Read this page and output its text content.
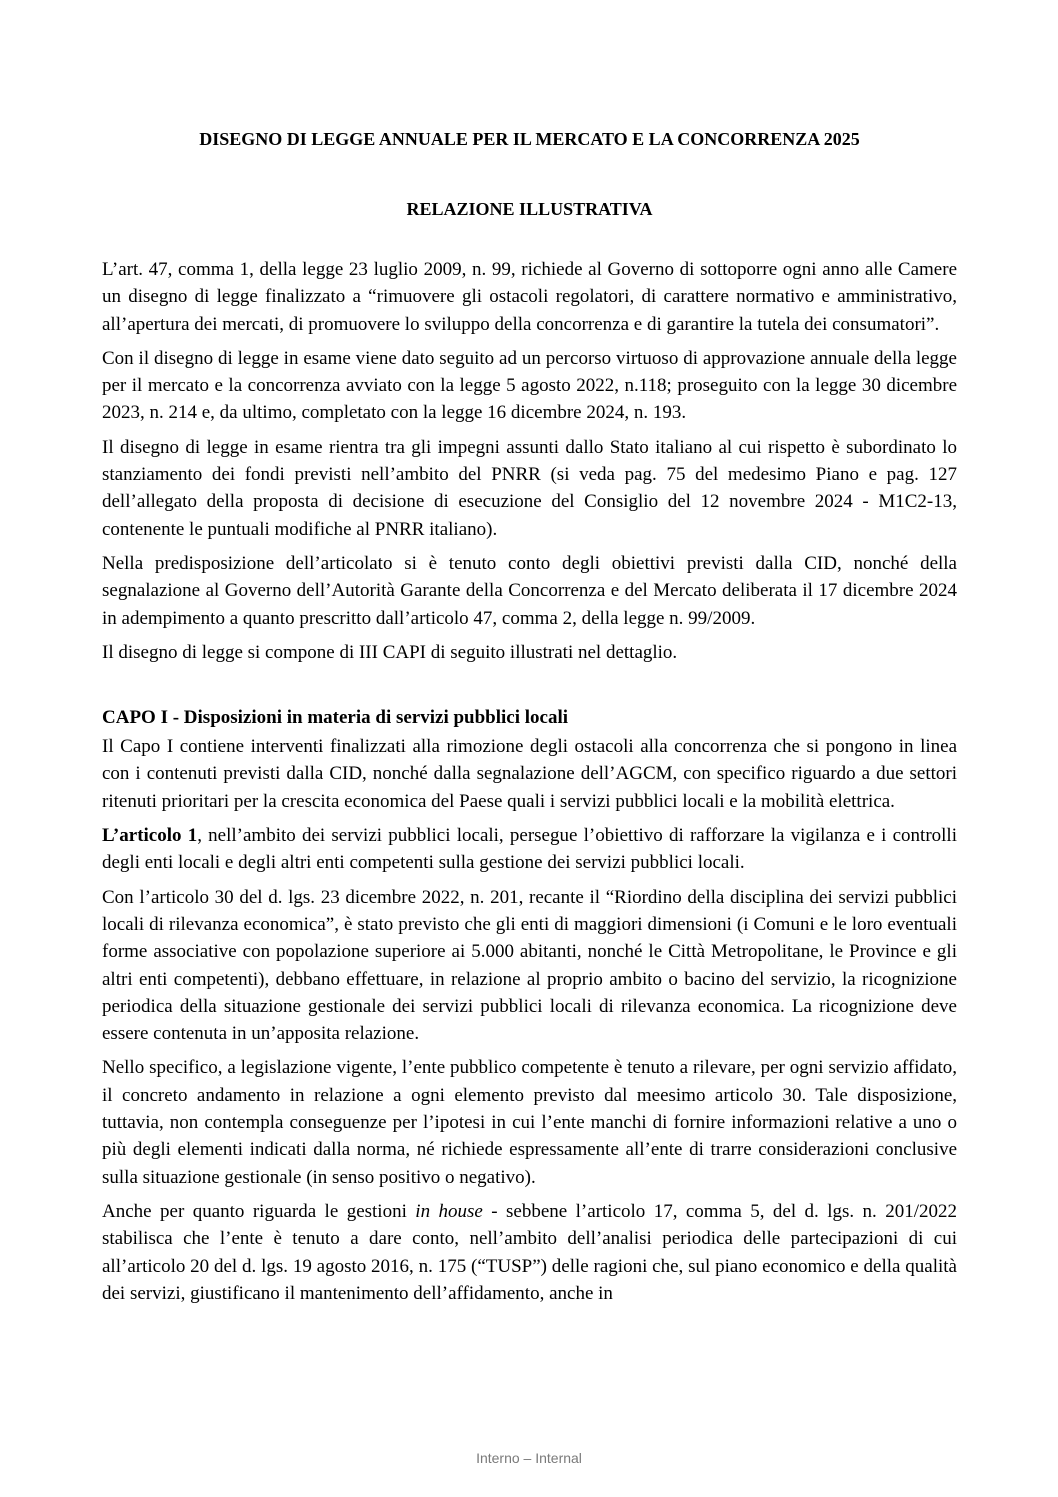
DISEGNO DI LEGGE ANNUALE PER IL MERCATO E LA CONCORRENZA 2025
RELAZIONE ILLUSTRATIVA

L’art. 47, comma 1, della legge 23 luglio 2009, n. 99, richiede al Governo di sottoporre ogni anno alle Camere un disegno di legge finalizzato a “rimuovere gli ostacoli regolatori, di carattere normativo e amministrativo, all’apertura dei mercati, di promuovere lo sviluppo della concorrenza e di garantire la tutela dei consumatori”.

Con il disegno di legge in esame viene dato seguito ad un percorso virtuoso di approvazione annuale della legge per il mercato e la concorrenza avviato con la legge 5 agosto 2022, n.118; proseguito con la legge 30 dicembre 2023, n. 214 e, da ultimo, completato con la legge 16 dicembre 2024, n. 193.

Il disegno di legge in esame rientra tra gli impegni assunti dallo Stato italiano al cui rispetto è subordinato lo stanziamento dei fondi previsti nell’ambito del PNRR (si veda pag. 75 del medesimo Piano e pag. 127 dell’allegato della proposta di decisione di esecuzione del Consiglio del 12 novembre 2024 - M1C2-13, contenente le puntuali modifiche al PNRR italiano).

Nella predisposizione dell’articolato si è tenuto conto degli obiettivi previsti dalla CID, nonché della segnalazione al Governo dell’Autorità Garante della Concorrenza e del Mercato deliberata il 17 dicembre 2024 in adempimento a quanto prescritto dall’articolo 47, comma 2, della legge n. 99/2009.

Il disegno di legge si compone di III CAPI di seguito illustrati nel dettaglio.

CAPO I - Disposizioni in materia di servizi pubblici locali

Il Capo I contiene interventi finalizzati alla rimozione degli ostacoli alla concorrenza che si pongono in linea con i contenuti previsti dalla CID, nonché dalla segnalazione dell’AGCM, con specifico riguardo a due settori ritenuti prioritari per la crescita economica del Paese quali i servizi pubblici locali e la mobilità elettrica.

L’articolo 1, nell’ambito dei servizi pubblici locali, persegue l’obiettivo di rafforzare la vigilanza e i controlli degli enti locali e degli altri enti competenti sulla gestione dei servizi pubblici locali.

Con l’articolo 30 del d. lgs. 23 dicembre 2022, n. 201, recante il “Riordino della disciplina dei servizi pubblici locali di rilevanza economica”, è stato previsto che gli enti di maggiori dimensioni (i Comuni e le loro eventuali forme associative con popolazione superiore ai 5.000 abitanti, nonché le Città Metropolitane, le Province e gli altri enti competenti), debbano effettuare, in relazione al proprio ambito o bacino del servizio, la ricognizione periodica della situazione gestionale dei servizi pubblici locali di rilevanza economica. La ricognizione deve essere contenuta in un’apposita relazione.

Nello specifico, a legislazione vigente, l’ente pubblico competente è tenuto a rilevare, per ogni servizio affidato, il concreto andamento in relazione a ogni elemento previsto dal meesimo articolo 30. Tale disposizione, tuttavia, non contempla conseguenze per l’ipotesi in cui l’ente manchi di fornire informazioni relative a uno o più degli elementi indicati dalla norma, né richiede espressamente all’ente di trarre considerazioni conclusive sulla situazione gestionale (in senso positivo o negativo).

Anche per quanto riguarda le gestioni in house - sebbene l’articolo 17, comma 5, del d. lgs. n. 201/2022 stabilisca che l’ente è tenuto a dare conto, nell’ambito dell’analisi periodica delle partecipazioni di cui all’articolo 20 del d. lgs. 19 agosto 2016, n. 175 (“TUSP”) delle ragioni che, sul piano economico e della qualità dei servizi, giustificano il mantenimento dell’affidamento, anche in

Interno – Internal
